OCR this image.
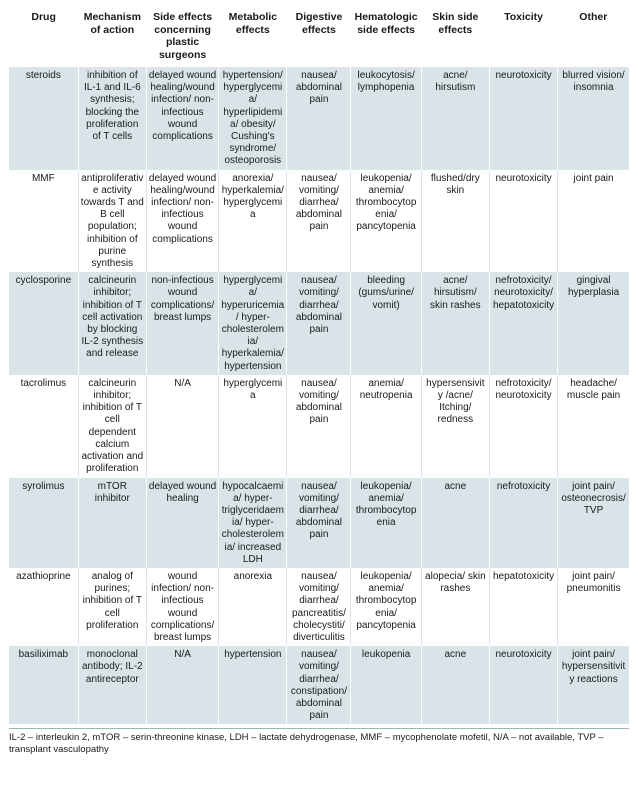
Drug	Mechanism of action	Side effects concerning plastic surgeons	Metabolic effects	Digestive effects	Hematologic side effects	Skin side effects	Toxicity	Other
steroids	inhibition of IL-1 and IL-6 synthesis; blocking the proliferation of T cells	delayed wound healing/wound infection/ non-infectious wound complications	hypertension/ hyperglycemia/ hyperlipidemia/ obesity/ Cushing's syndrome/ osteoporosis	nausea/ abdominal pain	leukocytosis/ lymphopenia	acne/ hirsutism	neurotoxicity	blurred vision/ insomnia
MMF	antiproliferative activity towards T and B cell population; inhibition of purine synthesis	delayed wound healing/wound infection/ non-infectious wound complications	anorexia/ hyperkalemia/ hyperglycemia	nausea/ vomiting/ diarrhea/ abdominal pain	leukopenia/ anemia/ thrombocytopenia/ pancytopenia	flushed/dry skin	neurotoxicity	joint pain
cyclosporine	calcineurin inhibitor; inhibition of T cell activation by blocking IL-2 synthesis and release	non-infectious wound complications/breast lumps	hyperglycemia/ hyperuricemia/ hyper-cholesterolemia/ hyperkalemia/ hypertension	nausea/ vomiting/ diarrhea/ abdominal pain	bleeding (gums/urine/ vomit)	acne/ hirsutism/ skin rashes	nefrotoxicity/ neurotoxicity/ hepatotoxicity	gingival hyperplasia
tacrolimus	calcineurin inhibitor; inhibition of T cell dependent calcium activation and proliferation	N/A	hyperglycemia	nausea/ vomiting/ abdominal pain	anemia/ neutropenia	hypersensivity /acne/ Itching/ redness	nefrotoxicity/ neurotoxicity	headache/ muscle pain
syrolimus	mTOR inhibitor	delayed wound healing	hypocalcaemia/ hyper-triglyceridaemia/ hyper-cholesterolemia/ increased LDH	nausea/ vomiting/ diarrhea/ abdominal pain	leukopenia/ anemia/ thrombocytopenia	acne	nefrotoxicity	joint pain/ osteonecrosis/ TVP
azathioprine	analog of purines; inhibition of T cell proliferation	wound infection/ non-infectious wound complications/ breast lumps	anorexia	nausea/ vomiting/ diarrhea/ pancreatitis/ cholecystiti/ diverticulitis	leukopenia/ anemia/ thrombocytopenia/ pancytopenia	alopecia/ skin rashes	hepatotoxicity	joint pain/ pneumonitis
basiliximab	monoclonal antibody; IL-2 antireceptor	N/A	hypertension	nausea/ vomiting/ diarrhea/ constipation/ abdominal pain	leukopenia	acne	neurotoxicity	joint pain/ hypersensitivity reactions
IL-2 – interleukin 2, mTOR – serin-threonine kinase, LDH – lactate dehydrogenase, MMF – mycophenolate mofetil, N/A – not available, TVP – transplant vasculopathy
